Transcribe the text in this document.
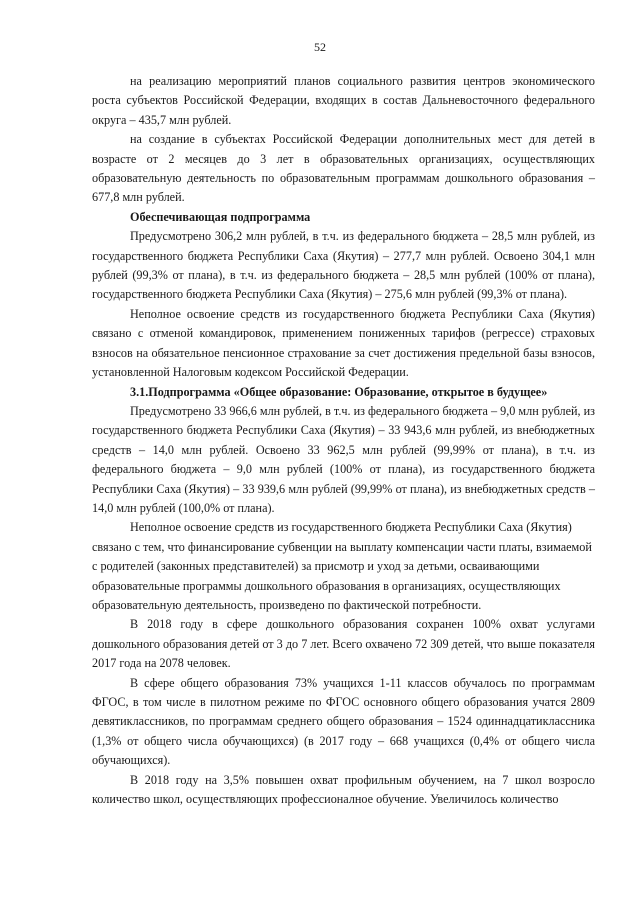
52

на реализацию мероприятий планов социального развития центров экономического роста субъектов Российской Федерации, входящих в состав Дальневосточного федерального округа – 435,7 млн рублей.

на создание в субъектах Российской Федерации дополнительных мест для детей в возрасте от 2 месяцев до 3 лет в образовательных организациях, осуществляющих образовательную деятельность по образовательным программам дошкольного образования – 677,8 млн рублей.

Обеспечивающая подпрограмма

Предусмотрено 306,2 млн рублей, в т.ч. из федерального бюджета – 28,5 млн рублей, из государственного бюджета Республики Саха (Якутия) – 277,7 млн рублей. Освоено 304,1 млн рублей (99,3% от плана), в т.ч. из федерального бюджета – 28,5 млн рублей (100% от плана), государственного бюджета Республики Саха (Якутия) – 275,6 млн рублей (99,3% от плана).

Неполное освоение средств из государственного бюджета Республики Саха (Якутия) связано с отменой командировок, применением пониженных тарифов (регрессе) страховых взносов на обязательное пенсионное страхование за счет достижения предельной базы взносов, установленной Налоговым кодексом Российской Федерации.

3.1.Подпрограмма «Общее образование: Образование, открытое в будущее»

Предусмотрено 33 966,6 млн рублей, в т.ч. из федерального бюджета – 9,0 млн рублей, из государственного бюджета Республики Саха (Якутия) – 33 943,6 млн рублей, из внебюджетных средств – 14,0 млн рублей. Освоено 33 962,5 млн рублей (99,99% от плана), в т.ч. из федерального бюджета – 9,0 млн рублей (100% от плана), из государственного бюджета Республики Саха (Якутия) – 33 939,6 млн рублей (99,99% от плана), из внебюджетных средств – 14,0 млн рублей (100,0% от плана).

Неполное освоение средств из государственного бюджета Республики Саха (Якутия) связано с тем, что финансирование субвенции на выплату компенсации части платы, взимаемой с родителей (законных представителей) за присмотр и уход за детьми, осваивающими образовательные программы дошкольного образования в организациях, осуществляющих образовательную деятельность, произведено по фактической потребности.

В 2018 году в сфере дошкольного образования сохранен 100% охват услугами дошкольного образования детей от 3 до 7 лет. Всего охвачено 72 309 детей, что выше показателя 2017 года на 2078 человек.

В сфере общего образования 73% учащихся 1-11 классов обучалось по программам ФГОС, в том числе в пилотном режиме по ФГОС основного общего образования учатся 2809 девятиклассников, по программам среднего общего образования – 1524 одиннадцатиклассника (1,3% от общего числа обучающихся) (в 2017 году – 668 учащихся (0,4% от общего числа обучающихся).

В 2018 году на 3,5% повышен охват профильным обучением, на 7 школ возросло количество школ, осуществляющих профессионалное обучение. Увеличилось количество
